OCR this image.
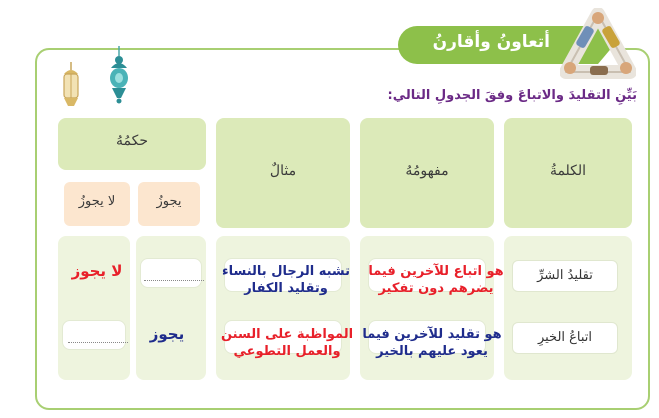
أتعاونُ وأقارنُ
بَيِّنِ التقليدَ والاتباعَ وفقَ الجدولِ التالي:
الكلمةُ
تقليدُ الشرِّ
اتباعُ الخيرِ
مفهومُهُ
مثالٌ
حكمُهُ
يجوزُ
لا يجوزُ
هو اتباع للآخرين فيما
يضرهم دون تفكير
تشبه الرجال بالنساء
وتقليد الكفار
لا يجوز
هو تقليد للآخرين فيما
يعود عليهم بالخير
المواظبة على السنن
والعمل التطوعي
يجوز
